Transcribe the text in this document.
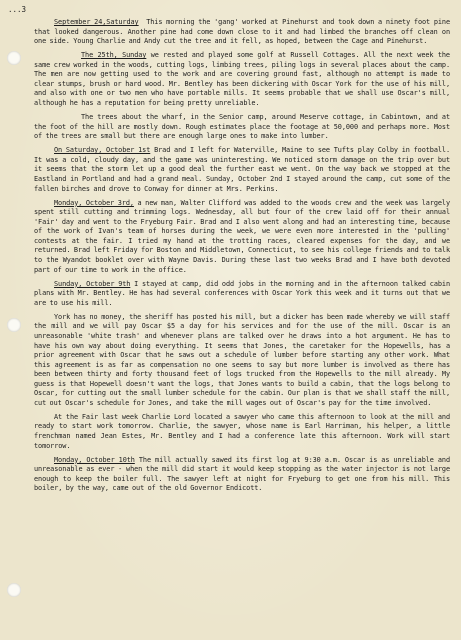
...3

September 24,Saturday This morning the 'gang' worked at Pinehurst and took down a ninety foot pine that looked dangerous. Another pine had come down close to it and had limbed the branches off clean on one side. Young Charlie and Andy cut the tree and it fell, as hoped, between the Cage and Pinehurst.

The 25th, Sunday we rested and played some golf at Russell Cottages. All the next week the same crew worked in the woods, cutting logs, limbing trees, piling logs in several places about the camp. The men are now getting used to the work and are covering ground fast, although no attempt is made to clear stumps, brush or hard wood. Mr. Bentley has been dickering with Oscar York for the use of his mill, and also with one or two men who have portable mills. It seems probable that we shall use Oscar's mill, although he has a reputation for being pretty unreliable.

The trees about the wharf, in the Senior camp, around Meserve cottage, in Cabintown, and at the foot of the hill are mostly down. Rough estimates place the footage at 50,000 and perhaps more. Most of the trees are small but there are enough large ones to make into lumber.

On Saturday, October 1st Brad and I left for Waterville, Maine to see Tufts play Colby in football. It was a cold, cloudy day, and the game was uninteresting. We noticed storm damage on the trip over but it seems that the storm let up a good deal the further east we went. On the way back we stopped at the Eastland in Portland and had a grand meal. Sunday, October 2nd I stayed around the camp, cut some of the fallen birches and drove to Conway for dinner at Mrs. Perkins.

Monday, October 3rd, a new man, Walter Clifford was added to the woods crew and the week was largely spent still cutting and trimming logs. Wednesday, all but four of the crew laid off for their annual 'Fair' day and went to the Fryeburg Fair. Brad and I also went along and had an interesting time, because of the work of Ivan's team of horses during the week, we were even more interested in the 'pulling' contests at the fair. I tried my hand at the trotting races, cleared expenses for the day, and we returned. Brad left Friday for Boston and Middletown, Connecticut, to see his college friends and to talk to the Wyandot booklet over with Wayne Davis. During these last two weeks Brad and I have both devoted part of our time to work in the office.

Sunday, October 9th I stayed at camp, did odd jobs in the morning and in the afternoon talked cabin plans with Mr. Bentley. He has had several conferences with Oscar York this week and it turns out that we are to use his mill.

York has no money, the sheriff has posted his mill, but a dicker has been made whereby we will staff the mill and we will pay Oscar $5 a day for his services and for the use of the mill. Oscar is an unreasonable 'white trash' and whenever plans are talked over he draws into a hot argument. He has to have his own way about doing everything. It seems that Jones, the caretaker for the Hopewells, has a prior agreement with Oscar that he saws out a schedule of lumber before starting any other work. What this agreement is as far as compensation no one seems to say but more lumber is involved as there has been between thirty and forty thousand feet of logs trucked from the Hopewells to the mill already. My guess is that Hopewell doesn't want the logs, that Jones wants to build a cabin, that the logs belong to Oscar, for cutting out the small lumber schedule for the cabin. Our plan is that we shall staff the mill, cut out Oscar's schedule for Jones, and take the mill wages out of Oscar's pay for the time involved.

At the Fair last week Charlie Lord located a sawyer who came this afternoon to look at the mill and ready to start work tomorrow. Charlie, the sawyer, whose name is Earl Harriman, his helper, a little frenchman named Jean Estes, Mr. Bentley and I had a conference late this afternoon. Work will start tomorrow.

Monday, October 10th The mill actually sawed its first log at 9:30 a.m. Oscar is as unreliable and unreasonable as ever - when the mill did start it would keep stopping as the water injector is not large enough to keep the boiler full. The sawyer left at night for Fryeburg to get one from his mill. This boiler, by the way, came out of the old Governor Endicott.
